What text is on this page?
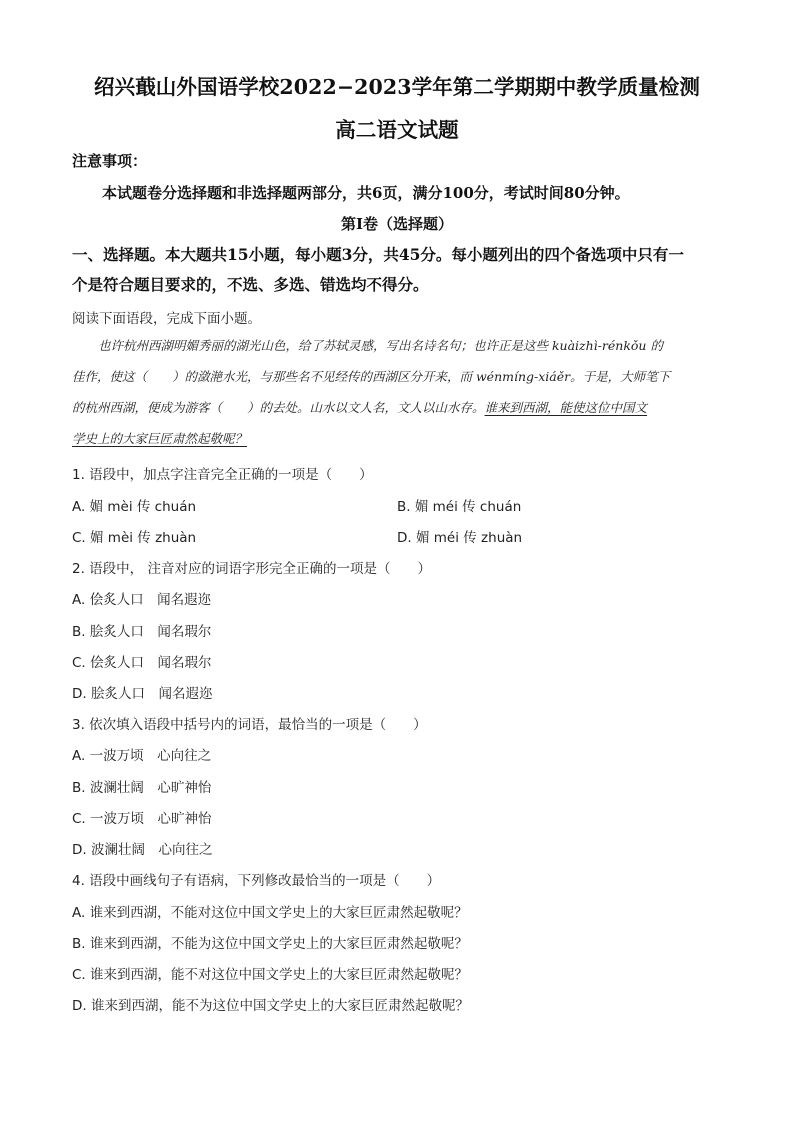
绍兴蕺山外国语学校2022−2023学年第二学期期中教学质量检测
高二语文试题
注意事项：
本试题卷分选择题和非选择题两部分，共6页，满分100分，考试时间80分钟。
第Ⅰ卷（选择题）
一、选择题。本大题共15小题，每小题3分，共45分。每小题列出的四个备选项中只有一
个是符合题目要求的，不选、多选、错选均不得分。
阅读下面语段，完成下面小题。
也许杭州西湖明媚秀丽的湖光山色，给了苏轼灵感，写出名诗名句；也许正是这些 kuàizhì-rénkǒu 的
佳作，使这（　　）的潋滟水光，与那些名不见经传的西湖区分开来，而 wénmíng-xiáěr。于是，大师笔下
的杭州西湖，便成为游客（　　）的去处。山水以文人名，文人以山水存。谁来到西湖，能使这位中国文
学史上的大家巨匠肃然起敬呢？
1. 语段中，加点字注音完全正确的一项是（　　）
A. 媚 mèi 传 chuán	B. 媚 méi 传 chuán
C. 媚 mèi 传 zhuàn	D. 媚 méi 传 zhuàn
2. 语段中， 注音对应的词语字形完全正确的一项是（　　）
A. 侩炙人口　闻名遐迩
B. 脍炙人口　闻名瑕尔
C. 侩炙人口　闻名瑕尔
D. 脍炙人口　闻名遐迩
3. 依次填入语段中括号内的词语，最恰当的一项是（　　）
A. 一波万顷　心向往之
B. 波澜壮阔　心旷神怡
C. 一波万顷　心旷神怡
D. 波澜壮阔　心向往之
4. 语段中画线句子有语病，下列修改最恰当的一项是（　　）
A. 谁来到西湖，不能对这位中国文学史上的大家巨匠肃然起敬呢？
B. 谁来到西湖，不能为这位中国文学史上的大家巨匠肃然起敬呢？
C. 谁来到西湖，能不对这位中国文学史上的大家巨匠肃然起敬呢？
D. 谁来到西湖，能不为这位中国文学史上的大家巨匠肃然起敬呢？
